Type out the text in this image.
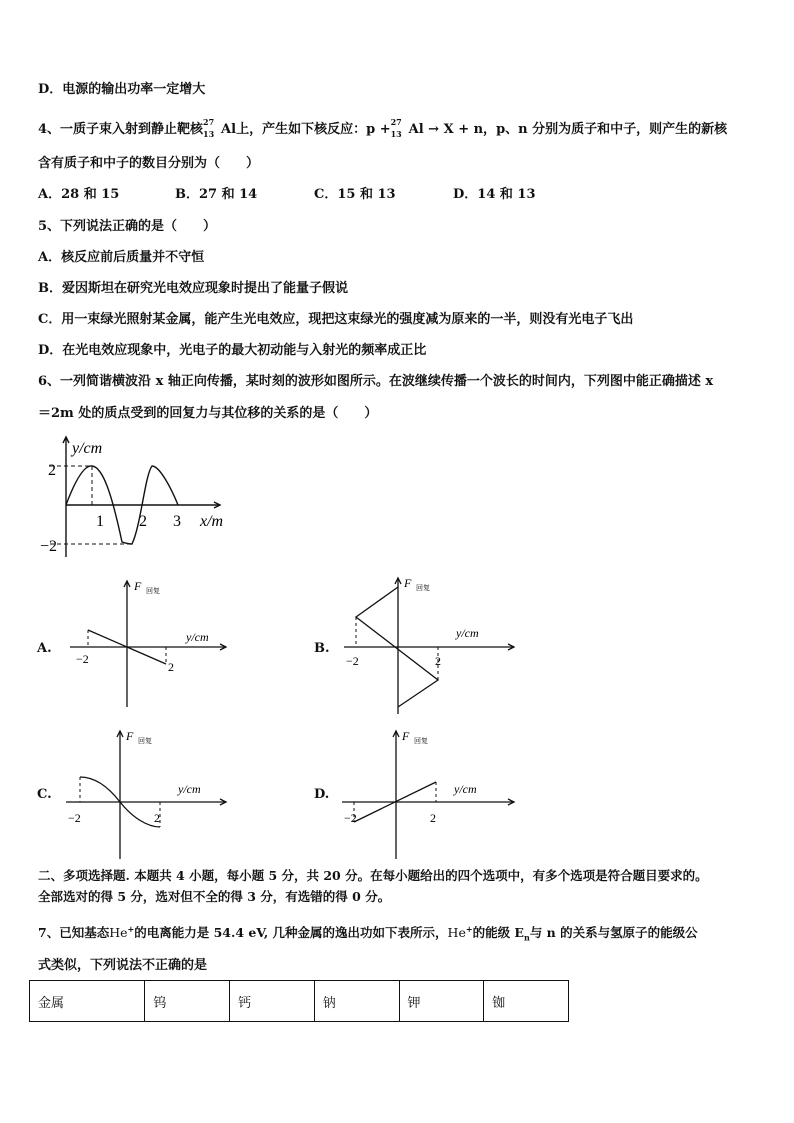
D．电源的输出功率一定增大
4、一质子束入射到静止靶核 27
13 Al上，产生如下核反应：p + 27
13 Al → X + n，p、n 分别为质子和中子，则产生的新核
含有质子和中子的数目分别为（　　）
A．28 和 15	B．27 和 14	C．15 和 13	D．14 和 13
5、下列说法正确的是（　　）
A．核反应前后质量并不守恒
B．爱因斯坦在研究光电效应现象时提出了能量子假说
C．用一束绿光照射某金属，能产生光电效应，现把这束绿光的强度减为原来的一半，则没有光电子飞出
D．在光电效应现象中，光电子的最大初动能与入射光的频率成正比
6、一列简谐横波沿 x 轴正向传播，某时刻的波形如图所示。在波继续传播一个波长的时间内，下列图中能正确描述 x
＝2m 处的质点受到的回复力与其位移的关系的是（　　）
y/cm
2
−2
1 2 3 x/m
A.
F 回复
y/cm
−2
2
B.
F 回复
y/cm
−2	2
C.
F 回复
y/cm
−2	2
D.
F 回复
y/cm
−2	2
二、多项选择题. 本题共 4 小题，每小题 5 分，共 20 分。在每小题给出的四个选项中，有多个选项是符合题目要求的。
全部选对的得 5 分，选对但不全的得 3 分，有选错的得 0 分。
7、已知基态He+的电离能力是 54.4 eV, 几种金属的逸出功如下表所示，He+的能级 $E_n$与 n 的关系与氢原子的能级公
式类似，下列说法不正确的是
金属	钨	钙	钠	钾	铷
